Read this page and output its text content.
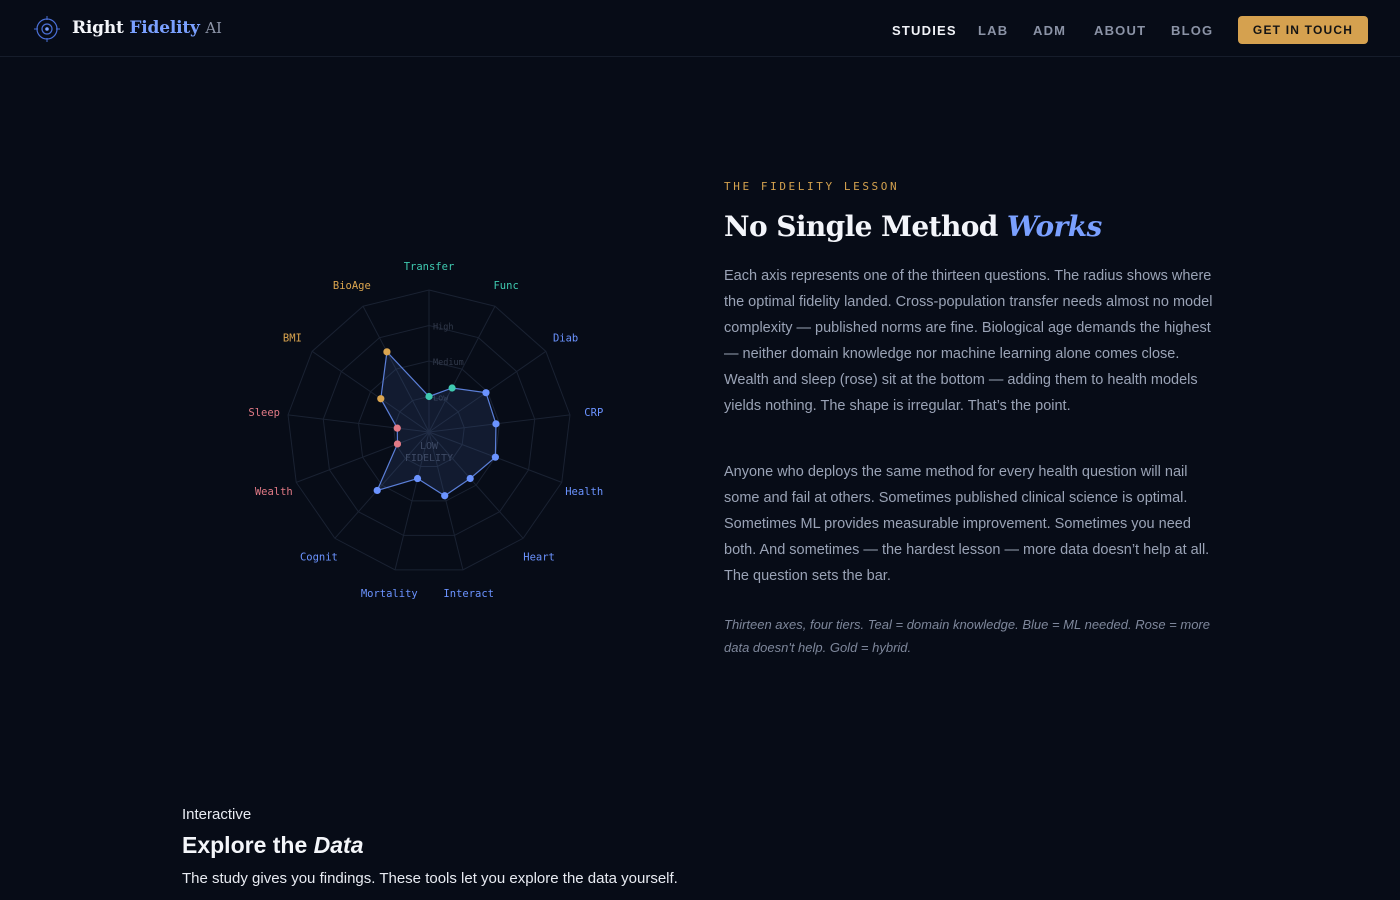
Right Fidelity AI	STUDIES LAB ADM ABOUT BLOG	GET IN TOUCH
Medium
High
Transfer
Func
Diab
CRP
Health
Heart
Interact
Mortality
Cognit
Wealth
Sleep
BMI
BioAge
THE FIDELITY LESSON
No Single Method Works

Each axis represents one of the thirteen questions. The radius shows where the optimal fidelity landed. Cross-population transfer needs almost no model complexity — published norms are fine. Biological age demands the highest — neither domain knowledge nor machine learning alone comes close. Wealth and sleep (rose) sit at the bottom — adding them to health models yields nothing. The shape is irregular. That’s the point.

Anyone who deploys the same method for every health question will nail some and fail at others. Sometimes published clinical science is optimal. Sometimes ML provides measurable improvement. Sometimes you need both. And sometimes — the hardest lesson — more data doesn’t help at all. The question sets the bar.

Thirteen axes, four tiers. Teal = domain knowledge. Blue = ML needed. Rose = more data doesn't help. Gold = hybrid.

Interactive
Explore the Data
The study gives you findings. These tools let you explore the data yourself.
